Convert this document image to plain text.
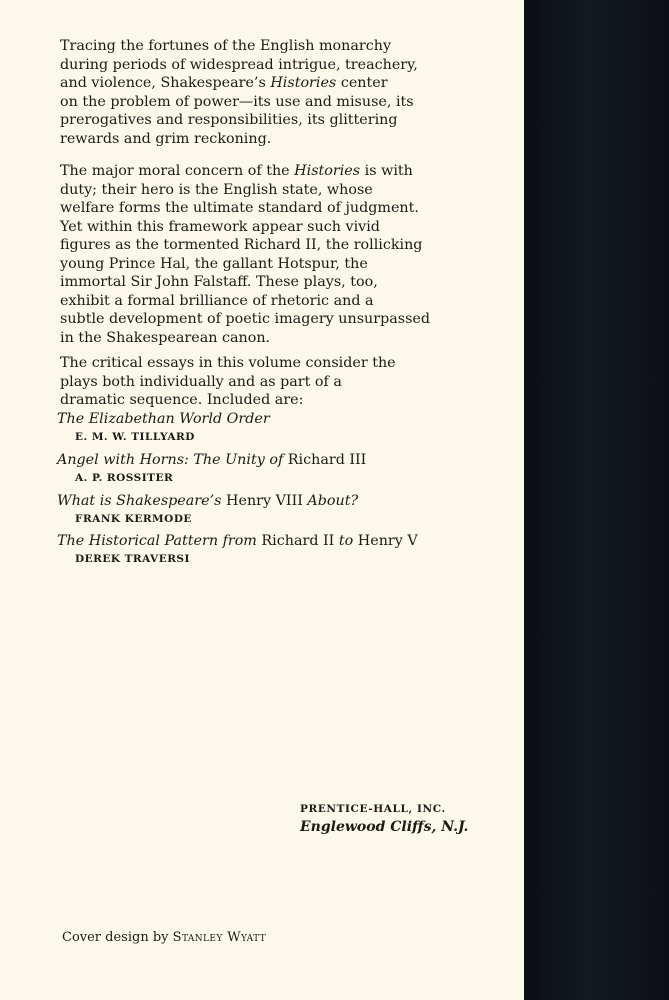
Tracing the fortunes of the English monarchy
during periods of widespread intrigue, treachery,
and violence, Shakespeare’s Histories center
on the problem of power—its use and misuse, its
prerogatives and responsibilities, its glittering
rewards and grim reckoning.

The major moral concern of the Histories is with
duty; their hero is the English state, whose
welfare forms the ultimate standard of judgment.
Yet within this framework appear such vivid
figures as the tormented Richard II, the rollicking
young Prince Hal, the gallant Hotspur, the
immortal Sir John Falstaff. These plays, too,
exhibit a formal brilliance of rhetoric and a
subtle development of poetic imagery unsurpassed
in the Shakespearean canon.

The critical essays in this volume consider the
plays both individually and as part of a
dramatic sequence. Included are:

The Elizabethan World Order
E. M. W. TILLYARD
Angel with Horns: The Unity of Richard III
A. P. ROSSITER
What is Shakespeare’s Henry VIII About?
FRANK KERMODE
The Historical Pattern from Richard II to Henry V
DEREK TRAVERSI
PRENTICE-HALL, INC.
Englewood Cliffs, N.J.
Cover design by Stanley Wyatt
